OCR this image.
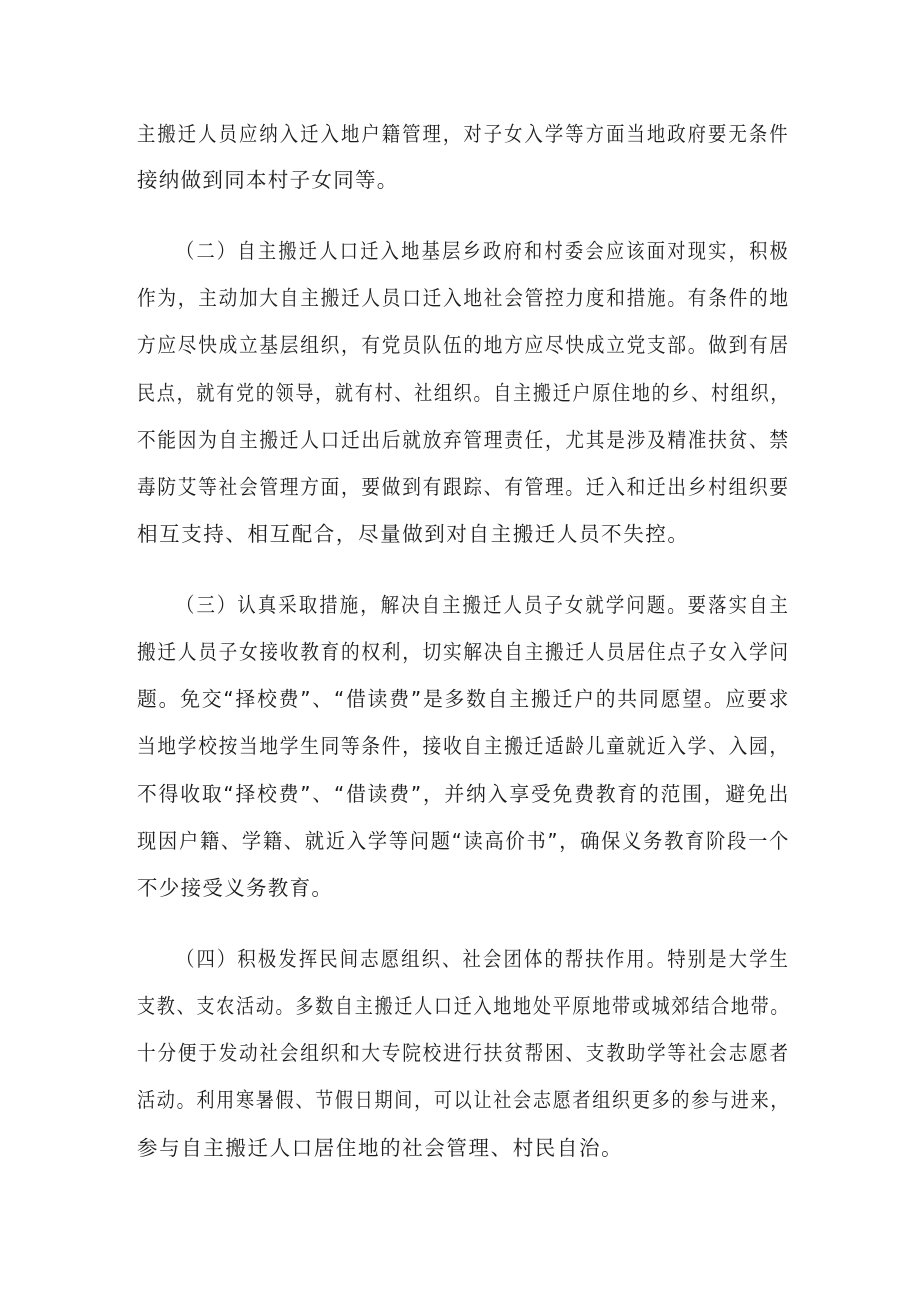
主搬迁人员应纳入迁入地户籍管理，对子女入学等方面当地政府要无条件

接纳做到同本村子女同等。

（二）自主搬迁人口迁入地基层乡政府和村委会应该面对现实，积极

作为，主动加大自主搬迁人员口迁入地社会管控力度和措施。有条件的地

方应尽快成立基层组织，有党员队伍的地方应尽快成立党支部。做到有居

民点，就有党的领导，就有村、社组织。自主搬迁户原住地的乡、村组织，

不能因为自主搬迁人口迁出后就放弃管理责任，尤其是涉及精准扶贫、禁

毒防艾等社会管理方面，要做到有跟踪、有管理。迁入和迁出乡村组织要

相互支持、相互配合，尽量做到对自主搬迁人员不失控。

（三）认真采取措施，解决自主搬迁人员子女就学问题。要落实自主

搬迁人员子女接收教育的权利，切实解决自主搬迁人员居住点子女入学问

题。免交“择校费”、“借读费”是多数自主搬迁户的共同愿望。应要求

当地学校按当地学生同等条件，接收自主搬迁适龄儿童就近入学、入园，

不得收取“择校费”、“借读费”，并纳入享受免费教育的范围，避免出

现因户籍、学籍、就近入学等问题“读高价书”，确保义务教育阶段一个

不少接受义务教育。

（四）积极发挥民间志愿组织、社会团体的帮扶作用。特别是大学生

支教、支农活动。多数自主搬迁人口迁入地地处平原地带或城郊结合地带。

十分便于发动社会组织和大专院校进行扶贫帮困、支教助学等社会志愿者

活动。利用寒暑假、节假日期间，可以让社会志愿者组织更多的参与进来，

参与自主搬迁人口居住地的社会管理、村民自治。
